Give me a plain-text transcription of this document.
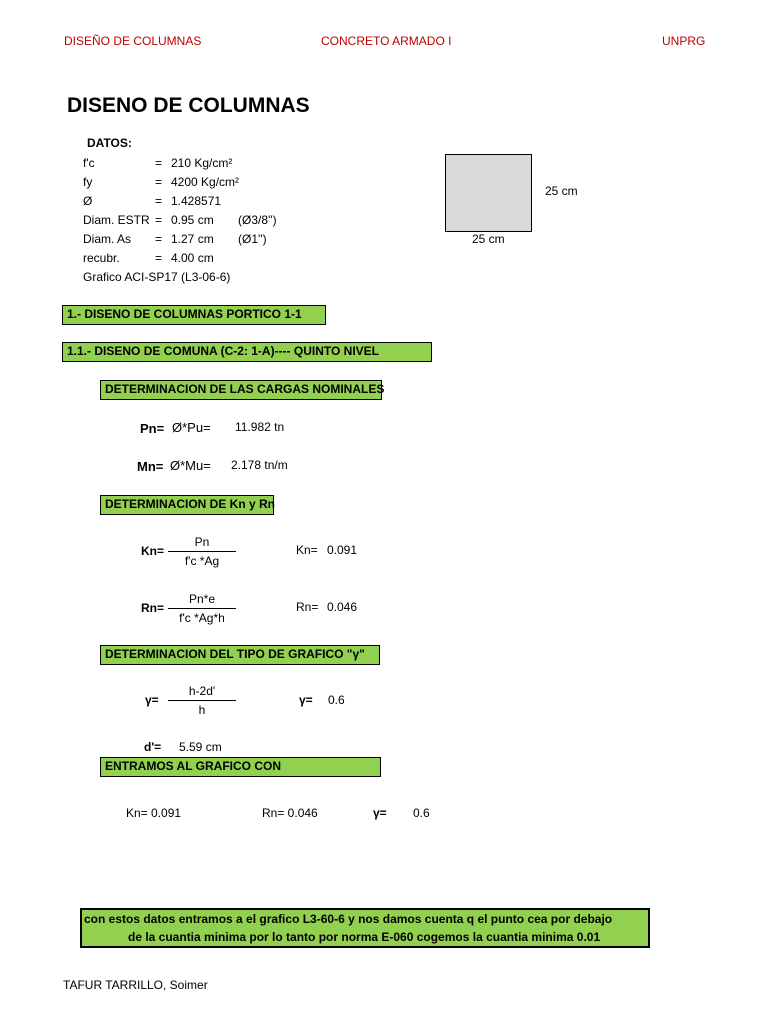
DISEÑO DE COLUMNAS	CONCRETO ARMADO I	UNPRG
DISENO DE COLUMNAS
DATOS:
f'c	= 210 Kg/cm²
fy	= 4200 Kg/cm²
Ø	= 1.428571
Diam. ESTR = 0.95 cm (Ø3/8'')
Diam. As = 1.27 cm (Ø1'')
recubr.	= 4.00 cm
Grafico ACI-SP17 (L3-06-6)
25 cm
25 cm
1.- DISENO DE COLUMNAS PORTICO 1-1
1.1.- DISENO DE COMUNA (C-2: 1-A)---- QUINTO NIVEL
DETERMINACION DE LAS CARGAS NOMINALES
Pn= Ø*Pu= 11.982 tn
Mn= Ø*Mu= 2.178 tn/m
DETERMINACION DE Kn y Rn
Kn=
Pn
f'c *Ag
Kn= 0.091
Rn=
Pn*e
f'c *Ag*h
Rn= 0.046
DETERMINACION DEL TIPO DE GRAFICO "γ"
γ=
h-2d'
h
γ= 0.6
d'= 5.59 cm
ENTRAMOS AL GRAFICO CON
Kn= 0.091	Rn= 0.046	γ= 0.6
con estos datos entramos a el grafico L3-60-6 y nos damos cuenta q el punto cea por debajo
de la cuantia minima por lo tanto por norma E-060 cogemos la cuantia minima 0.01
TAFUR TARRILLO, Soimer
